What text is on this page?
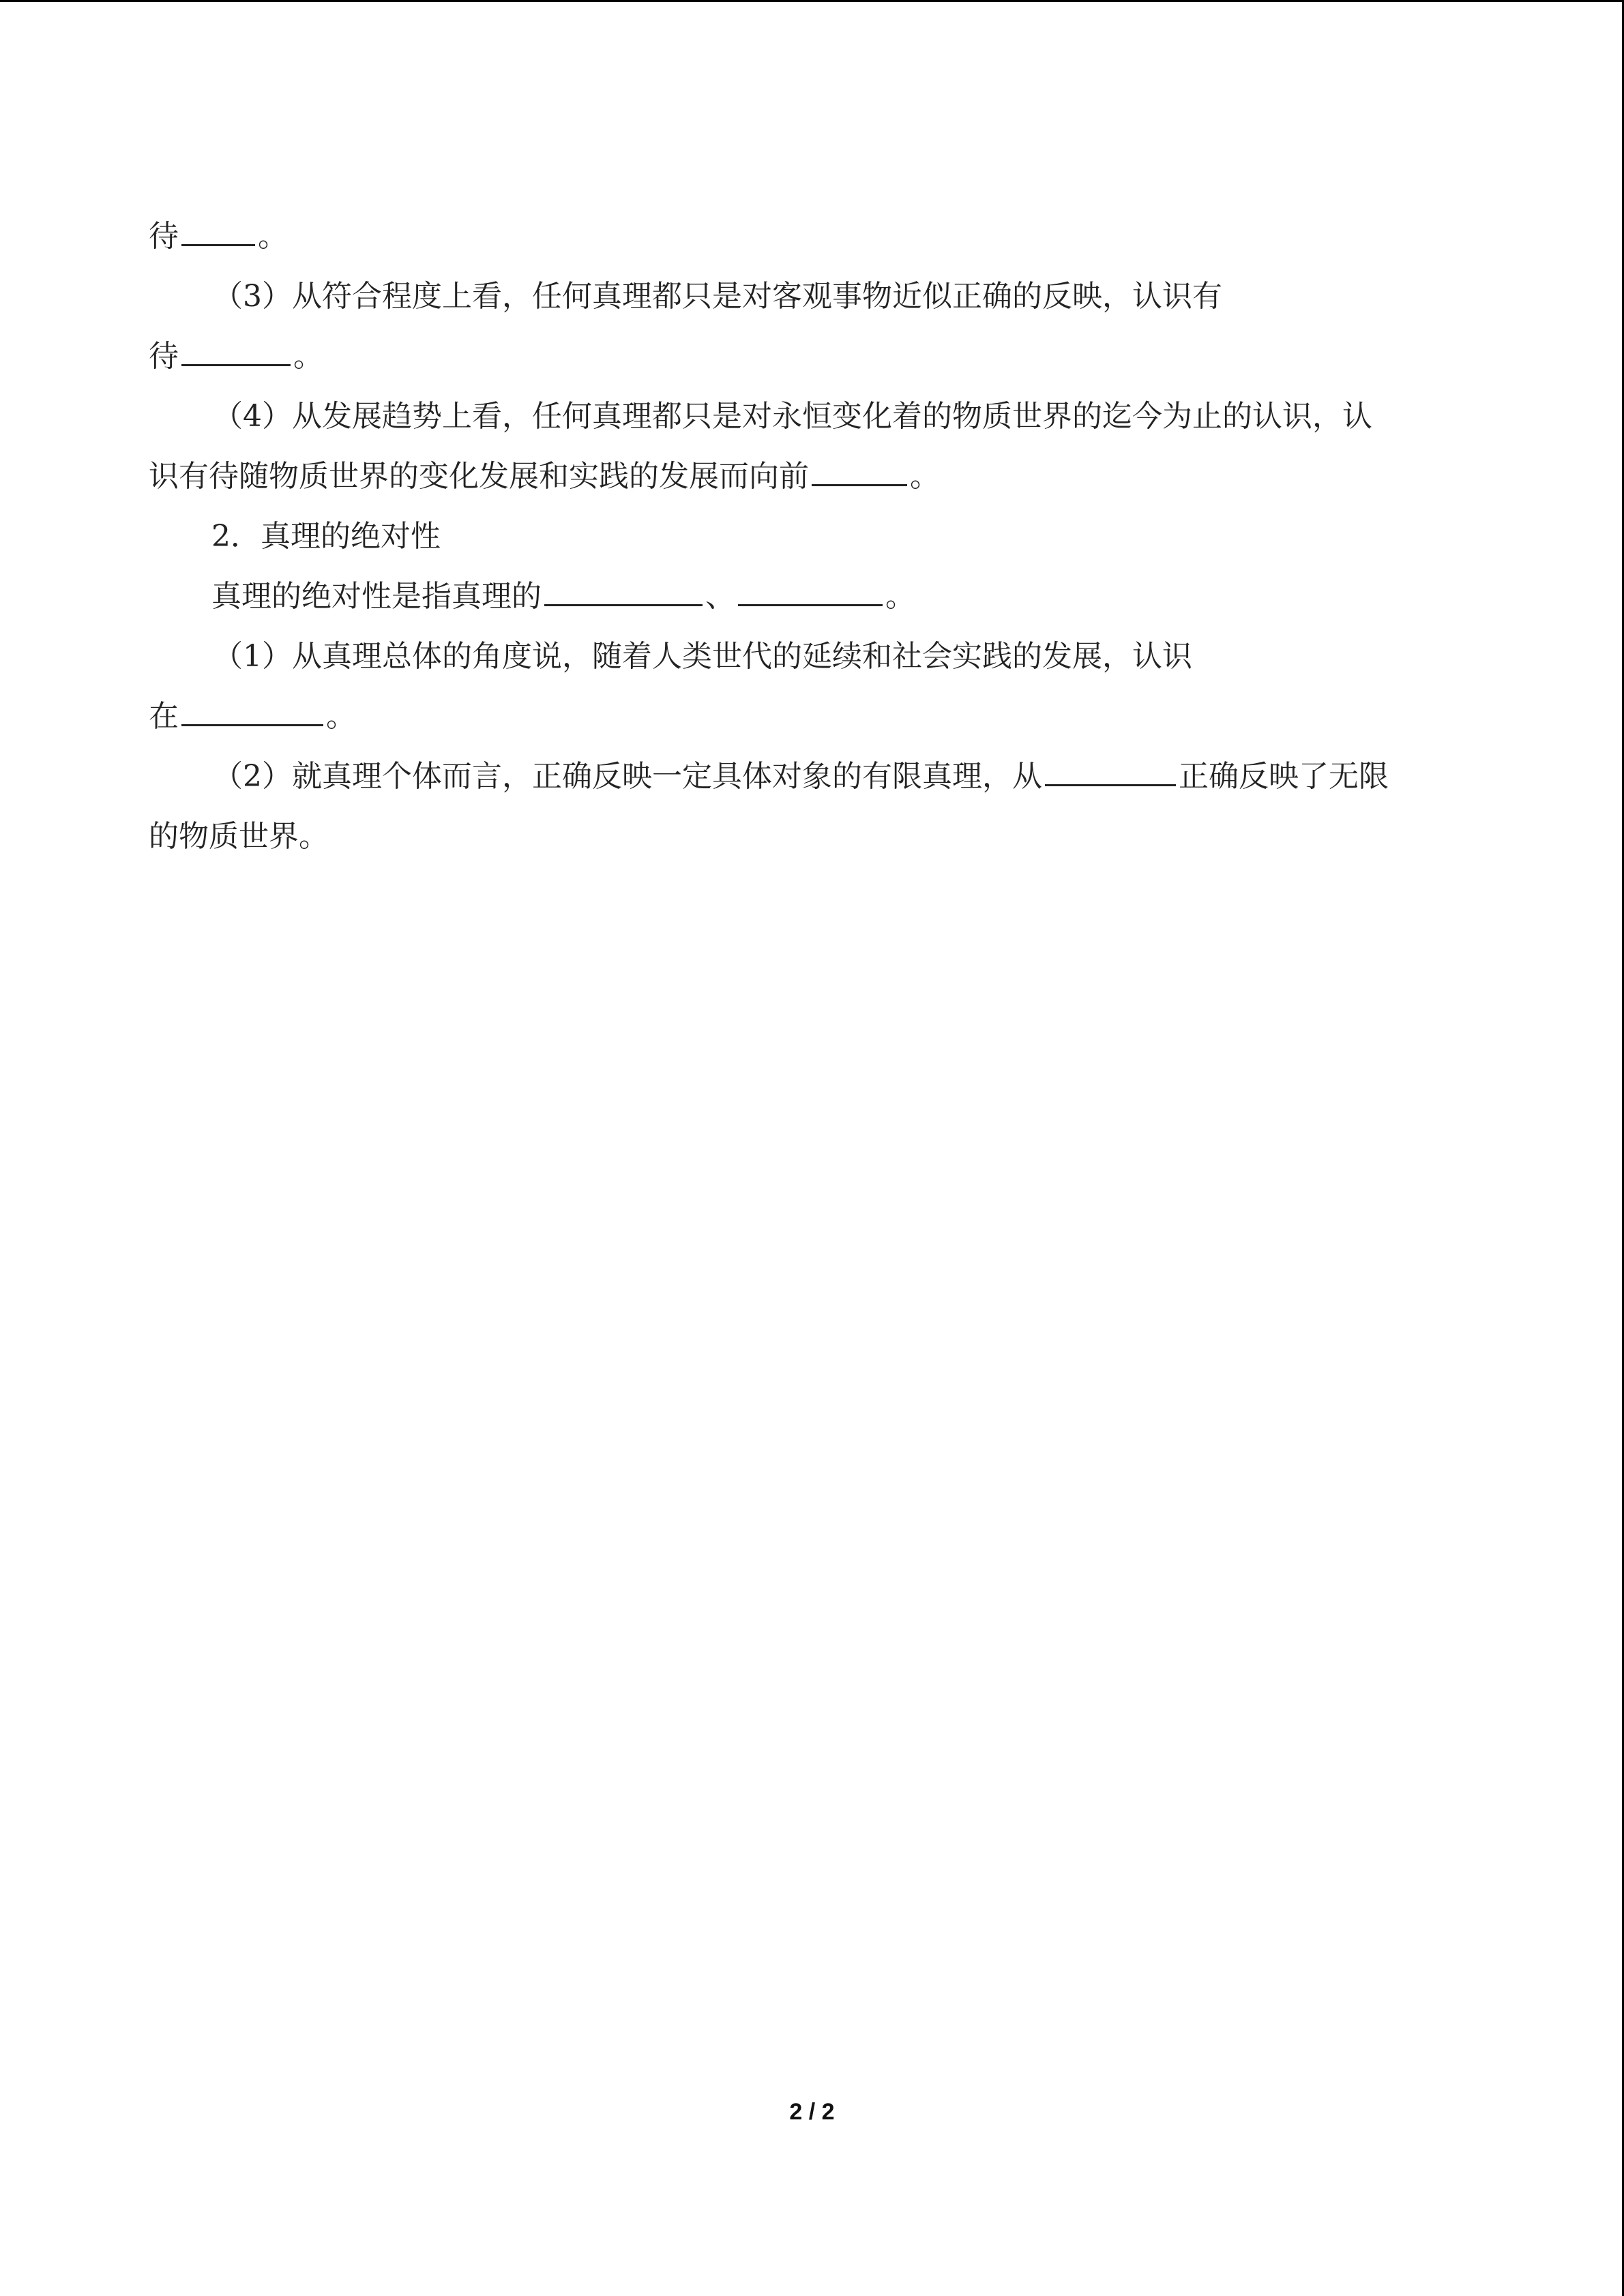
待	。
（3）从符合程度上看，任何真理都只是对客观事物近似正确的反映，认识有
待	。
（4）从发展趋势上看，任何真理都只是对永恒变化着的物质世界的迄今为止的认识，认
识有待随物质世界的变化发展和实践的发展而向前	。
2．真理的绝对性
真理的绝对性是指真理的	、	。
（1）从真理总体的角度说，随着人类世代的延续和社会实践的发展，认识
在	。
（2）就真理个体而言，正确反映一定具体对象的有限真理，从	正确反映了无限
的物质世界。
2 / 2
